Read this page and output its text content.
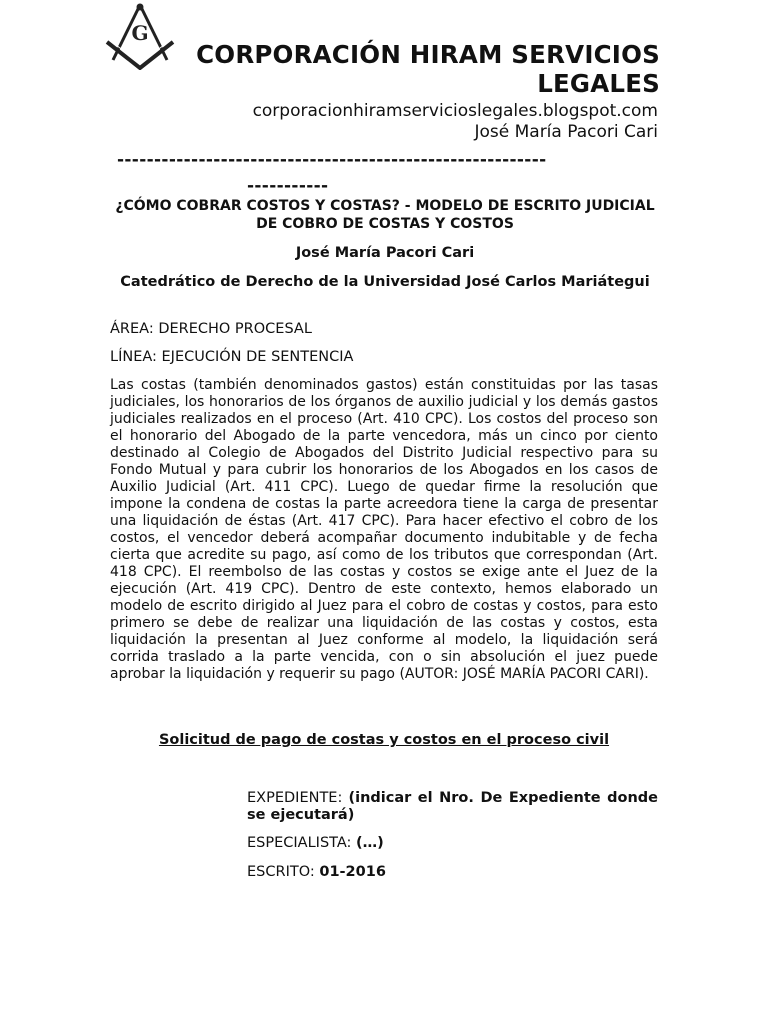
G
CORPORACIÓN HIRAM SERVICIOS LEGALES
corporacionhiramservicioslegales.blogspot.com
José María Pacori Cari
----------------------------------------------------------
-----------
¿CÓMO COBRAR COSTOS Y COSTAS? - MODELO DE ESCRITO JUDICIAL DE COBRO DE COSTAS Y COSTOS
José María Pacori Cari
Catedrático de Derecho de la Universidad José Carlos Mariátegui
ÁREA: DERECHO PROCESAL
LÍNEA: EJECUCIÓN DE SENTENCIA
Las costas (también denominados gastos) están constituidas por las tasas judiciales, los honorarios de los órganos de auxilio judicial y los demás gastos judiciales realizados en el proceso (Art. 410 CPC). Los costos del proceso son el honorario del Abogado de la parte vencedora, más un cinco por ciento destinado al Colegio de Abogados del Distrito Judicial respectivo para su Fondo Mutual y para cubrir los honorarios de los Abogados en los casos de Auxilio Judicial (Art. 411 CPC). Luego de quedar firme la resolución que impone la condena de costas la parte acreedora tiene la carga de presentar una liquidación de éstas (Art. 417 CPC). Para hacer efectivo el cobro de los costos, el vencedor deberá acompañar documento indubitable y de fecha cierta que acredite su pago, así como de los tributos que correspondan (Art. 418 CPC). El reembolso de las costas y costos se exige ante el Juez de la ejecución (Art. 419 CPC). Dentro de este contexto, hemos elaborado un modelo de escrito dirigido al Juez para el cobro de costas y costos, para esto primero se debe de realizar una liquidación de las costas y costos, esta liquidación la presentan al Juez conforme al modelo, la liquidación será corrida traslado a la parte vencida, con o sin absolución el juez puede aprobar la liquidación y requerir su pago (AUTOR: JOSÉ MARÍA PACORI CARI).
Solicitud de pago de costas y costos en el proceso civil
EXPEDIENTE: (indicar el Nro. De Expediente donde se ejecutará)
ESPECIALISTA: (…)
ESCRITO: 01-2016
